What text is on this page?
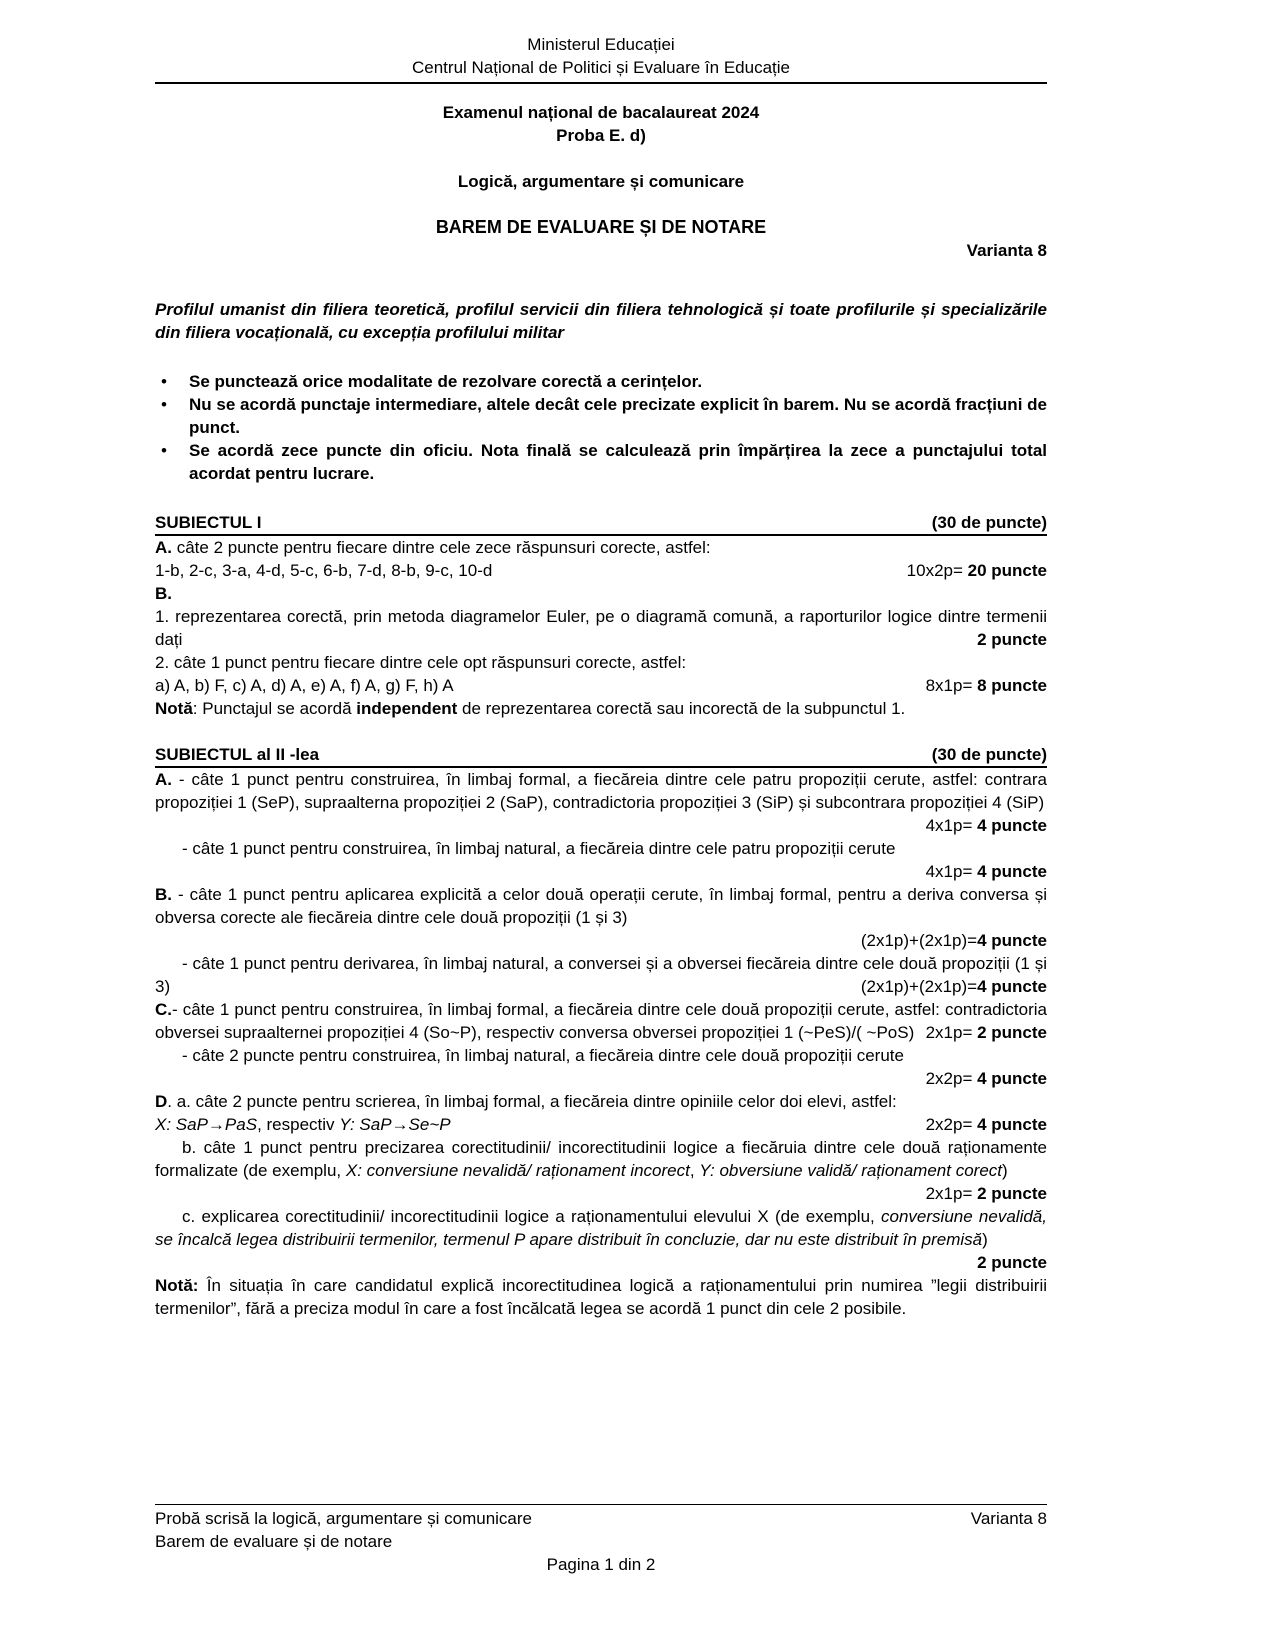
Ministerul Educației
Centrul Național de Politici și Evaluare în Educație
Examenul național de bacalaureat 2024
Proba E. d)
Logică, argumentare și comunicare
BAREM DE EVALUARE ȘI DE NOTARE
Varianta 8
Profilul umanist din filiera teoretică, profilul servicii din filiera tehnologică și toate profilurile și specializările din filiera vocațională, cu excepția profilului militar
•	Se punctează orice modalitate de rezolvare corectă a cerințelor.
•	Nu se acordă punctaje intermediare, altele decât cele precizate explicit în barem. Nu se acordă fracțiuni de punct.
•	Se acordă zece puncte din oficiu. Nota finală se calculează prin împărțirea la zece a punctajului total acordat pentru lucrare.
SUBIECTUL I	(30 de puncte)
A. câte 2 puncte pentru fiecare dintre cele zece răspunsuri corecte, astfel:
1-b, 2-c, 3-a, 4-d, 5-c, 6-b, 7-d, 8-b, 9-c, 10-d	10x2p= 20 puncte
B.
1. reprezentarea corectă, prin metoda diagramelor Euler, pe o diagramă comună, a raporturilor logice dintre termenii dați	2 puncte
2. câte 1 punct pentru fiecare dintre cele opt răspunsuri corecte, astfel:
a) A, b) F, c) A, d) A, e) A, f) A, g) F, h) A	8x1p= 8 puncte
Notă: Punctajul se acordă independent de reprezentarea corectă sau incorectă de la subpunctul 1.
SUBIECTUL al II -lea	(30 de puncte)
A. - câte 1 punct pentru construirea, în limbaj formal, a fiecăreia dintre cele patru propoziții cerute, astfel: contrara propoziției 1 (SeP), supraalterna propoziției 2 (SaP), contradictoria propoziției 3 (SiP) și subcontrara propoziției 4 (SiP)
4x1p= 4 puncte
- câte 1 punct pentru construirea, în limbaj natural, a fiecăreia dintre cele patru propoziții cerute
4x1p= 4 puncte
B. - câte 1 punct pentru aplicarea explicită a celor două operații cerute, în limbaj formal, pentru a deriva conversa și obversa corecte ale fiecăreia dintre cele două propoziții (1 și 3)
(2x1p)+(2x1p)=4 puncte
- câte 1 punct pentru derivarea, în limbaj natural, a conversei și a obversei fiecăreia dintre cele două propoziții (1 și 3)	(2x1p)+(2x1p)=4 puncte
C.- câte 1 punct pentru construirea, în limbaj formal, a fiecăreia dintre cele două propoziții cerute, astfel: contradictoria obversei supraalternei propoziției 4 (So~P), respectiv conversa obversei propoziției 1 (~PeS)/( ~PoS) 2x1p= 2 puncte
- câte 2 puncte pentru construirea, în limbaj natural, a fiecăreia dintre cele două propoziții cerute
2x2p= 4 puncte
D. a. câte 2 puncte pentru scrierea, în limbaj formal, a fiecăreia dintre opiniile celor doi elevi, astfel:
X: SaP→PaS, respectiv Y: SaP→Se~P	2x2p= 4 puncte
b. câte 1 punct pentru precizarea corectitudinii/ incorectitudinii logice a fiecăruia dintre cele două raționamente formalizate (de exemplu, X: conversiune nevalidă/ raționament incorect, Y: obversiune validă/ raționament corect)
2x1p= 2 puncte
c. explicarea corectitudinii/ incorectitudinii logice a raționamentului elevului X (de exemplu, conversiune nevalidă, se încalcă legea distribuirii termenilor, termenul P apare distribuit în concluzie, dar nu este distribuit în premisă)
2 puncte
Notă: În situația în care candidatul explică incorectitudinea logică a raționamentului prin numirea ”legii distribuirii termenilor”, fără a preciza modul în care a fost încălcată legea se acordă 1 punct din cele 2 posibile.
Probă scrisă la logică, argumentare și comunicare	Varianta 8
Barem de evaluare și de notare
Pagina 1 din 2
